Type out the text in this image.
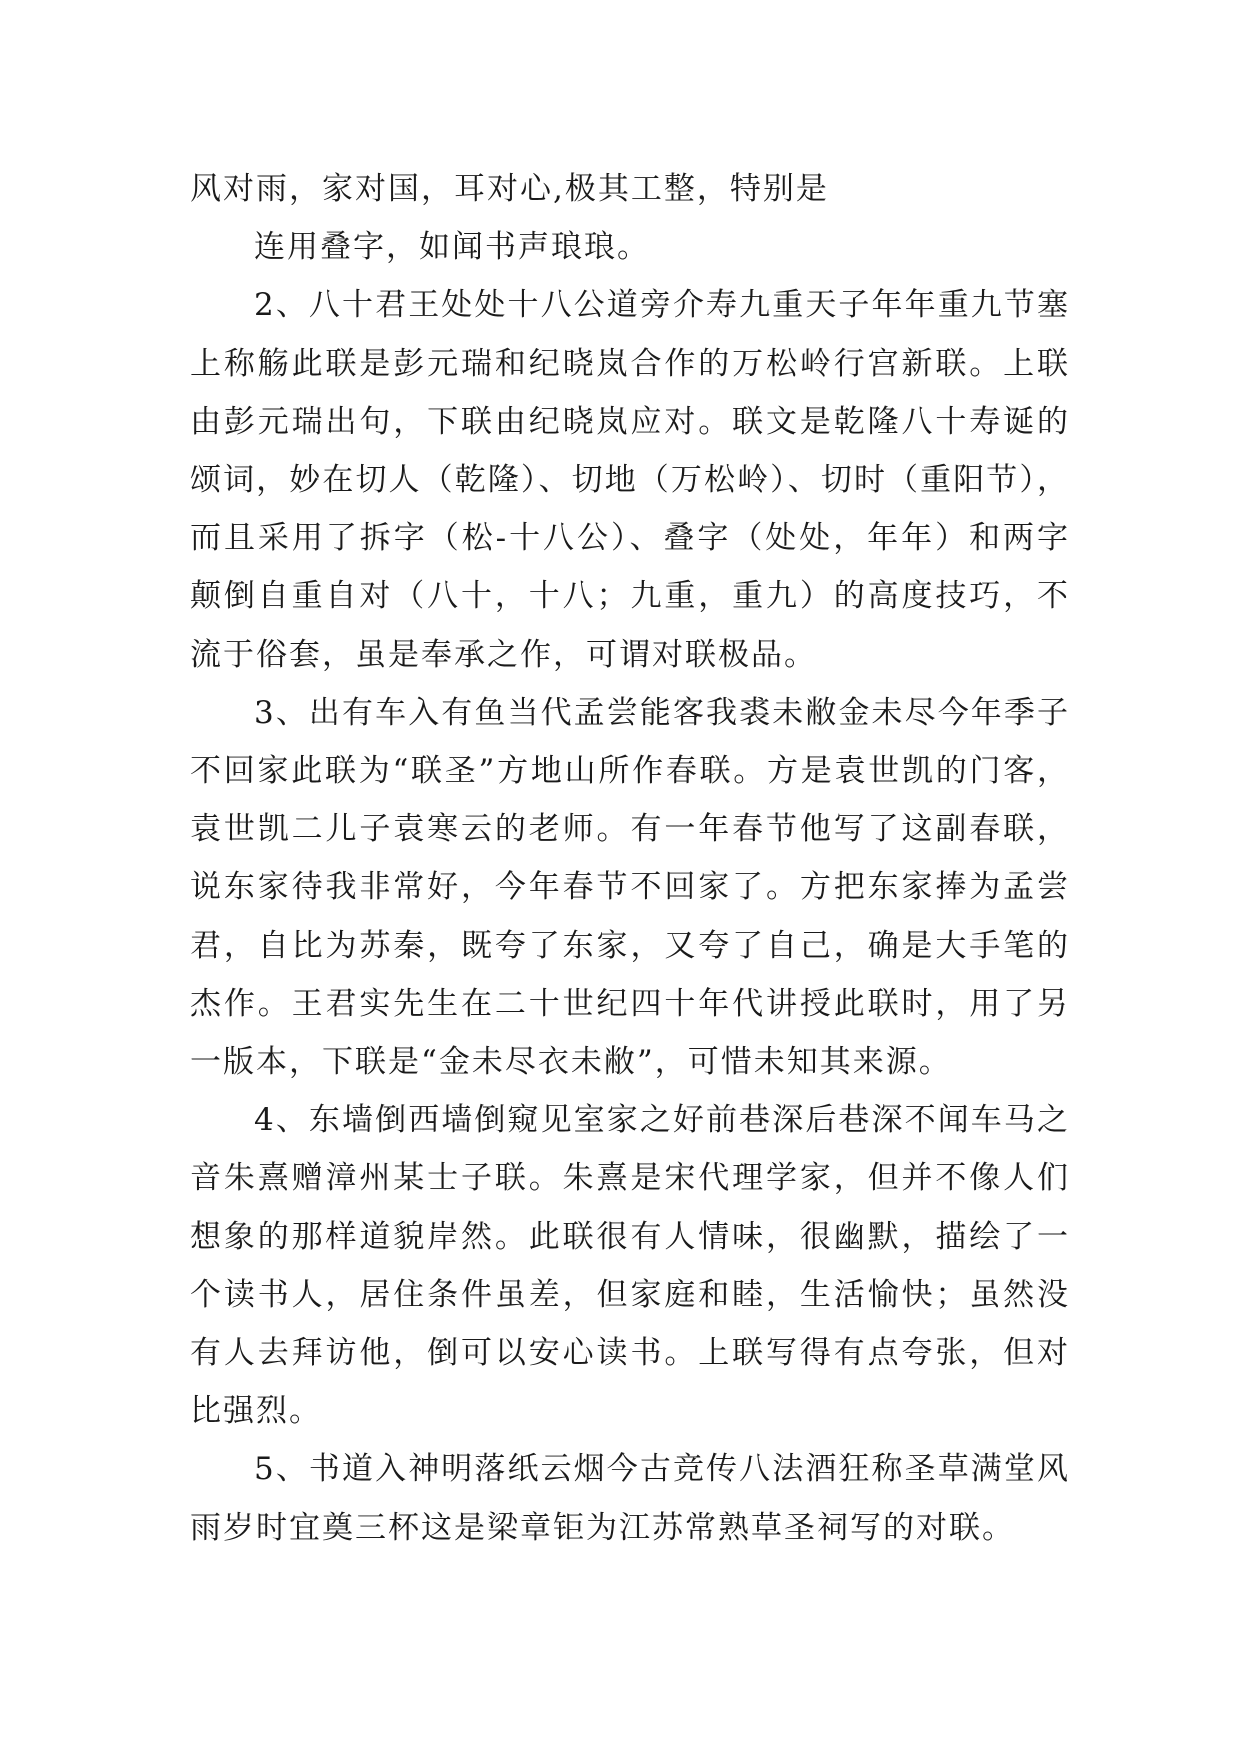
风对雨，家对国，耳对心,极其工整，特别是

连用叠字，如闻书声琅琅。

2、八十君王处处十八公道旁介寿九重天子年年重九节塞上称觞此联是彭元瑞和纪晓岚合作的万松岭行宫新联。上联由彭元瑞出句，下联由纪晓岚应对。联文是乾隆八十寿诞的颂词，妙在切人（乾隆）、切地（万松岭）、切时（重阳节），而且采用了拆字（松-十八公）、叠字（处处，年年）和两字颠倒自重自对（八十，十八；九重，重九）的高度技巧，不流于俗套，虽是奉承之作，可谓对联极品。

3、出有车入有鱼当代孟尝能客我裘未敝金未尽今年季子不回家此联为“联圣”方地山所作春联。方是袁世凯的门客，袁世凯二儿子袁寒云的老师。有一年春节他写了这副春联，说东家待我非常好，今年春节不回家了。方把东家捧为孟尝君，自比为苏秦，既夸了东家，又夸了自己，确是大手笔的杰作。王君实先生在二十世纪四十年代讲授此联时，用了另一版本，下联是“金未尽衣未敝”，可惜未知其来源。

4、东墙倒西墙倒窥见室家之好前巷深后巷深不闻车马之音朱熹赠漳州某士子联。朱熹是宋代理学家，但并不像人们想象的那样道貌岸然。此联很有人情味，很幽默，描绘了一个读书人，居住条件虽差，但家庭和睦，生活愉快；虽然没有人去拜访他，倒可以安心读书。上联写得有点夸张，但对比强烈。

5、书道入神明落纸云烟今古竞传八法酒狂称圣草满堂风雨岁时宜奠三杯这是梁章钜为江苏常熟草圣祠写的对联。
